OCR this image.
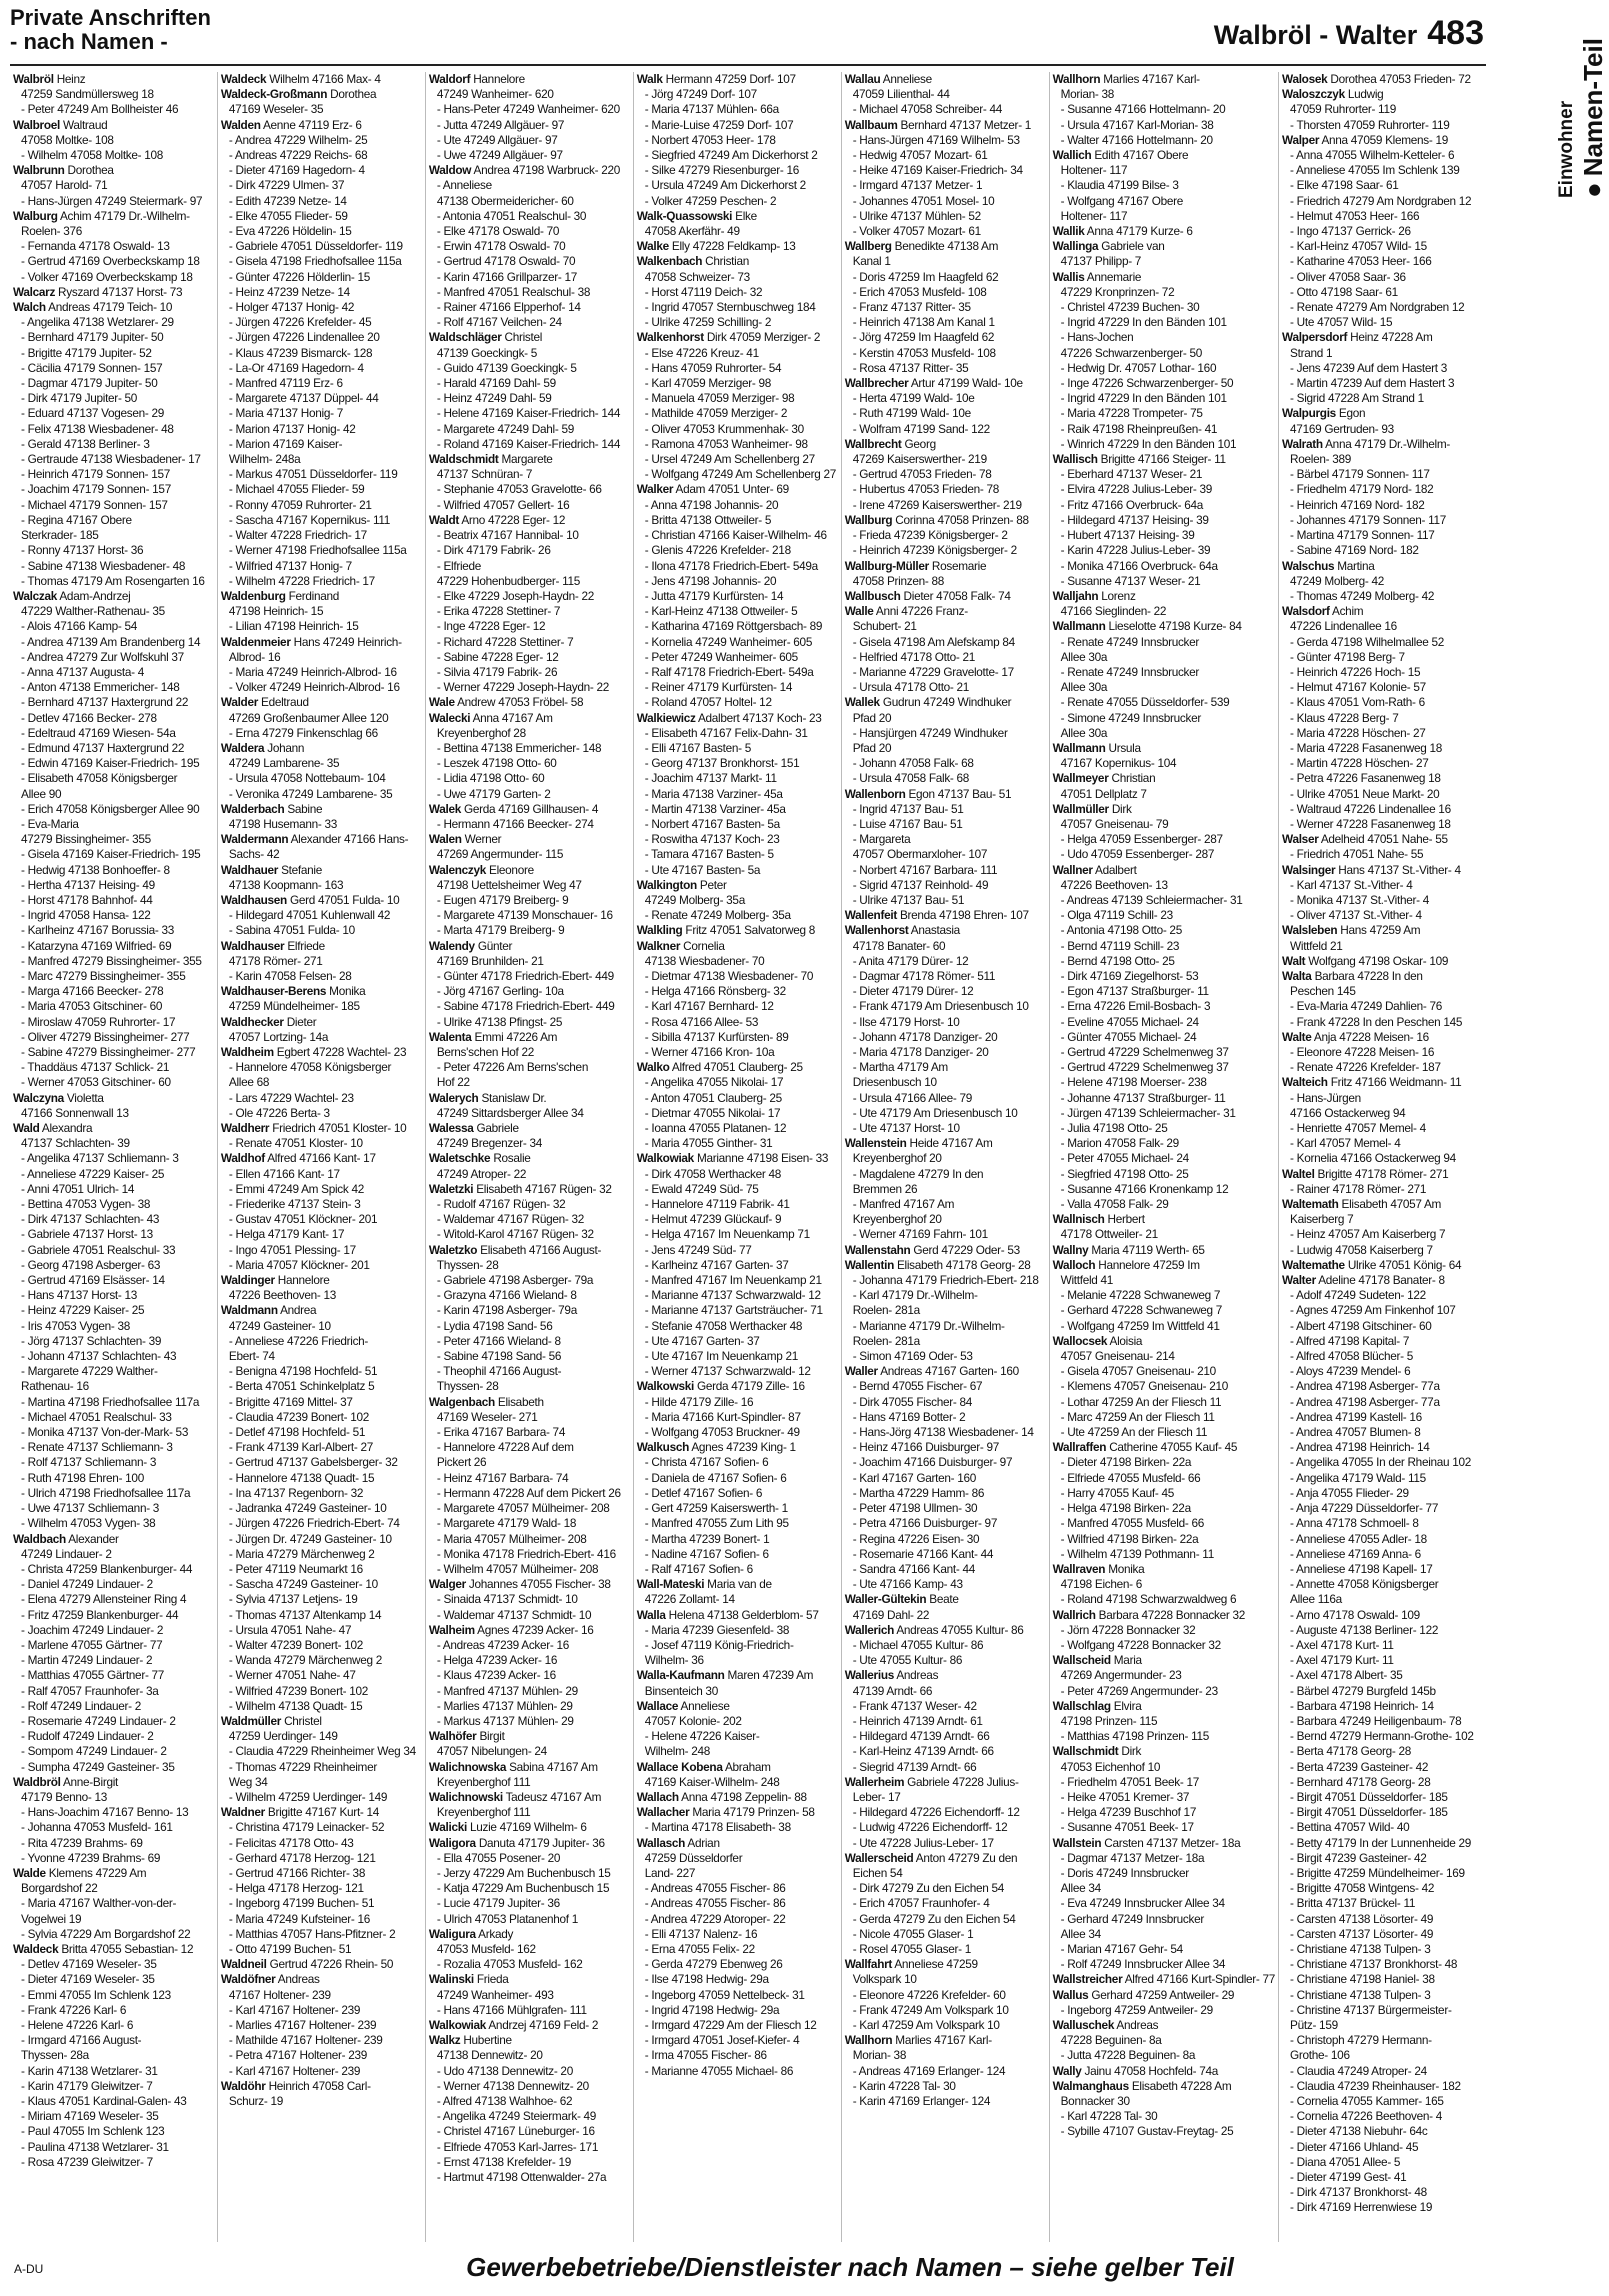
Private Anschriften
- nach Namen -	Walbröl - Walter 483
Einwohner
● Namen-Teil
Walbröl Heinz
47259 Sandmüllersweg 18
- Peter 47249 Am Bollheister 46
Walbroel Waltraud
47058 Moltke- 108
- Wilhelm 47058 Moltke- 108
Walbrunn Dorothea
47057 Harold- 71
- Hans-Jürgen 47249 Steiermark- 97
Walburg Achim 47179 Dr.-Wilhelm-
Roelen- 376
- Fernanda 47178 Oswald- 13
- Gertrud 47169 Overbeckskamp 18
- Volker 47169 Overbeckskamp 18
Walcarz Ryszard 47137 Horst- 73
Walch Andreas 47179 Teich- 10
- Angelika 47138 Wetzlarer- 29
- Bernhard 47179 Jupiter- 50
- Brigitte 47179 Jupiter- 52
- Cäcilia 47179 Sonnen- 157
- Dagmar 47179 Jupiter- 50
- Dirk 47179 Jupiter- 50
- Eduard 47137 Vogesen- 29
- Felix 47138 Wiesbadener- 48
- Gerald 47138 Berliner- 3
- Gertraude 47138 Wiesbadener- 17
- Heinrich 47179 Sonnen- 157
- Joachim 47179 Sonnen- 157
- Michael 47179 Sonnen- 157
- Regina 47167 Obere
Sterkrader- 185
- Ronny 47137 Horst- 36
- Sabine 47138 Wiesbadener- 48
- Thomas 47179 Am Rosengarten 16
Walczak Adam-Andrzej
47229 Walther-Rathenau- 35
- Alois 47166 Kamp- 54
- Andrea 47139 Am Brandenberg 14
- Andrea 47279 Zur Wolfskuhl 37
- Anna 47137 Augusta- 4
- Anton 47138 Emmericher- 148
- Bernhard 47137 Haxtergrund 22
- Detlev 47166 Becker- 278
- Edeltraud 47169 Wiesen- 54a
- Edmund 47137 Haxtergrund 22
- Edwin 47169 Kaiser-Friedrich- 195
- Elisabeth 47058 Königsberger
Allee 90
- Erich 47058 Königsberger Allee 90
- Eva-Maria
47279 Bissingheimer- 355
- Gisela 47169 Kaiser-Friedrich- 195
- Hedwig 47138 Bonhoeffer- 8
- Hertha 47137 Heising- 49
- Horst 47178 Bahnhof- 44
- Ingrid 47058 Hansa- 122
- Karlheinz 47167 Borussia- 33
- Katarzyna 47169 Wilfried- 69
- Manfred 47279 Bissingheimer- 355
- Marc 47279 Bissingheimer- 355
- Marga 47166 Beecker- 278
- Maria 47053 Gitschiner- 60
- Miroslaw 47059 Ruhrorter- 17
- Oliver 47279 Bissingheimer- 277
- Sabine 47279 Bissingheimer- 277
- Thaddäus 47137 Schlick- 21
- Werner 47053 Gitschiner- 60
Walczyna Violetta
47166 Sonnenwall 13
Wald Alexandra
47137 Schlachten- 39
- Angelika 47137 Schliemann- 3
- Anneliese 47229 Kaiser- 25
- Anni 47051 Ulrich- 14
- Bettina 47053 Vygen- 38
- Dirk 47137 Schlachten- 43
- Gabriele 47137 Horst- 13
- Gabriele 47051 Realschul- 33
- Georg 47198 Asberger- 63
- Gertrud 47169 Elsässer- 14
- Hans 47137 Horst- 13
- Heinz 47229 Kaiser- 25
- Iris 47053 Vygen- 38
- Jörg 47137 Schlachten- 39
- Johann 47137 Schlachten- 43
- Margarete 47229 Walther-
Rathenau- 16
- Martina 47198 Friedhofsallee 117a
- Michael 47051 Realschul- 33
- Monika 47137 Von-der-Mark- 53
- Renate 47137 Schliemann- 3
- Rolf 47137 Schliemann- 3
- Ruth 47198 Ehren- 100
- Ulrich 47198 Friedhofsallee 117a
- Uwe 47137 Schliemann- 3
- Wilhelm 47053 Vygen- 38
Waldbach Alexander
47249 Lindauer- 2
- Christa 47259 Blankenburger- 44
- Daniel 47249 Lindauer- 2
- Elena 47279 Allensteiner Ring 4
- Fritz 47259 Blankenburger- 44
- Joachim 47249 Lindauer- 2
- Marlene 47055 Gärtner- 77
- Martin 47249 Lindauer- 2
- Matthias 47055 Gärtner- 77
- Ralf 47057 Fraunhofer- 3a
- Rolf 47249 Lindauer- 2
- Rosemarie 47249 Lindauer- 2
- Rudolf 47249 Lindauer- 2
- Sompom 47249 Lindauer- 2
- Sumpha 47249 Gasteiner- 35
Waldbröl Anne-Birgit
47179 Benno- 13
- Hans-Joachim 47167 Benno- 13
- Johanna 47053 Musfeld- 161
- Rita 47239 Brahms- 69
- Yvonne 47239 Brahms- 69
Walde Klemens 47229 Am
Borgardshof 22
- Maria 47167 Walther-von-der-
Vogelwei 19
- Sylvia 47229 Am Borgardshof 22
Waldeck Britta 47055 Sebastian- 12
- Detlev 47169 Weseler- 35
- Dieter 47169 Weseler- 35
- Emmi 47055 Im Schlenk 123
- Frank 47226 Karl- 6
- Helene 47226 Karl- 6
- Irmgard 47166 August-
Thyssen- 28a
- Karin 47138 Wetzlarer- 31
- Karin 47179 Gleiwitzer- 7
- Klaus 47051 Kardinal-Galen- 43
- Miriam 47169 Weseler- 35
- Paul 47055 Im Schlenk 123
- Paulina 47138 Wetzlarer- 31
- Rosa 47239 Gleiwitzer- 7
Waldeck Wilhelm 47166 Max- 4
Waldeck-Großmann Dorothea
47169 Weseler- 35
Walden Aenne 47119 Erz- 6
- Andrea 47229 Wilhelm- 25
- Andreas 47229 Reichs- 68
- Dieter 47169 Hagedorn- 4
- Dirk 47229 Ulmen- 37
- Edith 47239 Netze- 14
- Elke 47055 Flieder- 59
- Eva 47226 Höldelin- 15
- Gabriele 47051 Düsseldorfer- 119
- Gisela 47198 Friedhofsallee 115a
- Günter 47226 Hölderlin- 15
- Heinz 47239 Netze- 14
- Holger 47137 Honig- 42
- Jürgen 47226 Krefelder- 45
- Jürgen 47226 Lindenallee 20
- Klaus 47239 Bismarck- 128
- La-Or 47169 Hagedorn- 4
- Manfred 47119 Erz- 6
- Margarete 47137 Düppel- 44
- Maria 47137 Honig- 7
- Marion 47137 Honig- 42
- Marion 47169 Kaiser-
Wilhelm- 248a
- Markus 47051 Düsseldorfer- 119
- Michael 47055 Flieder- 59
- Ronny 47059 Ruhrorter- 21
- Sascha 47167 Kopernikus- 111
- Walter 47228 Friedrich- 17
- Werner 47198 Friedhofsallee 115a
- Wilfried 47137 Honig- 7
- Wilhelm 47228 Friedrich- 17
Waldenburg Ferdinand
47198 Heinrich- 15
- Lilian 47198 Heinrich- 15
Waldenmeier Hans 47249 Heinrich-
Albrod- 16
- Maria 47249 Heinrich-Albrod- 16
- Volker 47249 Heinrich-Albrod- 16
Walder Edeltraud
47269 Großenbaumer Allee 120
- Erna 47279 Finkenschlag 66
Waldera Johann
47249 Lambarene- 35
- Ursula 47058 Nottebaum- 104
- Veronika 47249 Lambarene- 35
Walderbach Sabine
47198 Husemann- 33
Waldermann Alexander 47166 Hans-
Sachs- 42
Waldhauer Stefanie
47138 Koopmann- 163
Waldhausen Gerd 47051 Fulda- 10
- Hildegard 47051 Kuhlenwall 42
- Sabina 47051 Fulda- 10
Waldhauser Elfriede
47178 Römer- 271
- Karin 47058 Felsen- 28
Waldhauser-Berens Monika
47259 Mündelheimer- 185
Waldhecker Dieter
47057 Lortzing- 14a
Waldheim Egbert 47228 Wachtel- 23
- Hannelore 47058 Königsberger
Allee 68
- Lars 47229 Wachtel- 23
- Ole 47226 Berta- 3
Waldherr Friedrich 47051 Kloster- 10
- Renate 47051 Kloster- 10
Waldhof Alfred 47166 Kant- 17
- Ellen 47166 Kant- 17
- Emmi 47249 Am Spick 42
- Friederike 47137 Stein- 3
- Gustav 47051 Klöckner- 201
- Helga 47179 Kant- 17
- Ingo 47051 Plessing- 17
- Maria 47057 Klöckner- 201
Waldinger Hannelore
47226 Beethoven- 13
Waldmann Andrea
47249 Gasteiner- 10
- Anneliese 47226 Friedrich-
Ebert- 74
- Benigna 47198 Hochfeld- 51
- Berta 47051 Schinkelplatz 5
- Brigitte 47169 Mittel- 37
- Claudia 47239 Bonert- 102
- Detlef 47198 Hochfeld- 51
- Frank 47139 Karl-Albert- 27
- Gertrud 47137 Gabelsberger- 32
- Hannelore 47138 Quadt- 15
- Ina 47137 Regenborn- 32
- Jadranka 47249 Gasteiner- 10
- Jürgen 47226 Friedrich-Ebert- 74
- Jürgen Dr. 47249 Gasteiner- 10
- Maria 47279 Märchenweg 2
- Peter 47119 Neumarkt 16
- Sascha 47249 Gasteiner- 10
- Sylvia 47137 Letjens- 19
- Thomas 47137 Altenkamp 14
- Ursula 47051 Nahe- 47
- Walter 47239 Bonert- 102
- Wanda 47279 Märchenweg 2
- Werner 47051 Nahe- 47
- Wilfried 47239 Bonert- 102
- Wilhelm 47138 Quadt- 15
Waldmüller Christel
47259 Uerdinger- 149
- Claudia 47229 Rheinheimer Weg 34
- Thomas 47229 Rheinheimer
Weg 34
- Wilhelm 47259 Uerdinger- 149
Waldner Brigitte 47167 Kurt- 14
- Christina 47179 Leinacker- 52
- Felicitas 47178 Otto- 43
- Gerhard 47178 Herzog- 121
- Gertrud 47166 Richter- 38
- Helga 47178 Herzog- 121
- Ingeborg 47199 Buchen- 51
- Maria 47249 Kufsteiner- 16
- Matthias 47057 Hans-Pfitzner- 2
- Otto 47199 Buchen- 51
Waldneil Gertrud 47226 Rhein- 50
Waldöfner Andreas
47167 Holtener- 239
- Karl 47167 Holtener- 239
- Marlies 47167 Holtener- 239
- Mathilde 47167 Holtener- 239
- Petra 47167 Holtener- 239
- Karl 47167 Holtener- 239
Waldöhr Heinrich 47058 Carl-
Schurz- 19
Waldorf Hannelore
47249 Wanheimer- 620
- Hans-Peter 47249 Wanheimer- 620
- Jutta 47249 Allgäuer- 97
- Ute 47249 Allgäuer- 97
- Uwe 47249 Allgäuer- 97
Waldow Andrea 47198 Warbruck- 220
- Anneliese
47138 Obermeidericher- 60
- Antonia 47051 Realschul- 30
- Elke 47178 Oswald- 70
- Erwin 47178 Oswald- 70
- Gertrud 47178 Oswald- 70
- Karin 47166 Grillparzer- 17
- Manfred 47051 Realschul- 38
- Rainer 47166 Elpperhof- 14
- Rolf 47167 Veilchen- 24
Waldschläger Christel
47139 Goeckingk- 5
- Guido 47139 Goeckingk- 5
- Harald 47169 Dahl- 59
- Heinz 47249 Dahl- 59
- Helene 47169 Kaiser-Friedrich- 144
- Margarete 47249 Dahl- 59
- Roland 47169 Kaiser-Friedrich- 144
Waldschmidt Margarete
47137 Schnüran- 7
- Stephanie 47053 Gravelotte- 66
- Wilfried 47057 Gellert- 16
Waldt Arno 47228 Eger- 12
- Beatrix 47167 Hannibal- 10
- Dirk 47179 Fabrik- 26
- Elfriede
47229 Hohenbudberger- 115
- Elke 47229 Joseph-Haydn- 22
- Erika 47228 Stettiner- 7
- Inge 47228 Eger- 12
- Richard 47228 Stettiner- 7
- Sabine 47228 Eger- 12
- Silvia 47179 Fabrik- 26
- Werner 47229 Joseph-Haydn- 22
Wale Andrew 47053 Fröbel- 58
Walecki Anna 47167 Am
Kreyenberghof 28
- Bettina 47138 Emmericher- 148
- Leszek 47198 Otto- 60
- Lidia 47198 Otto- 60
- Uwe 47179 Garten- 2
Walek Gerda 47169 Gillhausen- 4
- Hermann 47166 Beecker- 274
Walen Werner
47269 Angermunder- 115
Walenczyk Eleonore
47198 Uettelsheimer Weg 47
- Eugen 47179 Breiberg- 9
- Margarete 47139 Monschauer- 16
- Marta 47179 Breiberg- 9
Walendy Günter
47169 Brunhilden- 21
- Günter 47178 Friedrich-Ebert- 449
- Jörg 47167 Gerling- 10a
- Sabine 47178 Friedrich-Ebert- 449
- Ulrike 47138 Pfingst- 25
Walenta Emmi 47226 Am
Berns'schen Hof 22
- Peter 47226 Am Berns'schen
Hof 22
Walerych Stanislaw Dr.
47249 Sittardsberger Allee 34
Walessa Gabriele
47249 Bregenzer- 34
Waletschke Rosalie
47249 Atroper- 22
Waletzki Elisabeth 47167 Rügen- 32
- Rudolf 47167 Rügen- 32
- Waldemar 47167 Rügen- 32
- Witold-Karol 47167 Rügen- 32
Waletzko Elisabeth 47166 August-
Thyssen- 28
- Gabriele 47198 Asberger- 79a
- Grazyna 47166 Wieland- 8
- Karin 47198 Asberger- 79a
- Lydia 47198 Sand- 56
- Peter 47166 Wieland- 8
- Sabine 47198 Sand- 56
- Theophil 47166 August-
Thyssen- 28
Walgenbach Elisabeth
47169 Weseler- 271
- Erika 47167 Barbara- 74
- Hannelore 47228 Auf dem
Pickert 26
- Heinz 47167 Barbara- 74
- Hermann 47228 Auf dem Pickert 26
- Margarete 47057 Mülheimer- 208
- Margarete 47179 Wald- 18
- Maria 47057 Mülheimer- 208
- Monika 47178 Friedrich-Ebert- 416
- Wilhelm 47057 Mülheimer- 208
Walger Johannes 47055 Fischer- 38
- Sinaida 47137 Schmidt- 10
- Waldemar 47137 Schmidt- 10
Walheim Agnes 47239 Acker- 16
- Andreas 47239 Acker- 16
- Helga 47239 Acker- 16
- Klaus 47239 Acker- 16
- Manfred 47137 Mühlen- 29
- Marlies 47137 Mühlen- 29
- Markus 47137 Mühlen- 29
Walhöfer Birgit
47057 Nibelungen- 24
Walichnowska Sabina 47167 Am
Kreyenberghof 111
Walichnowski Tadeusz 47167 Am
Kreyenberghof 111
Walicki Luzie 47169 Wilhelm- 6
Waligora Danuta 47179 Jupiter- 36
- Ella 47055 Posener- 20
- Jerzy 47229 Am Buchenbusch 15
- Katja 47229 Am Buchenbusch 15
- Lucie 47179 Jupiter- 36
- Ulrich 47053 Platanenhof 1
Waligura Arkady
47053 Musfeld- 162
- Rozalia 47053 Musfeld- 162
Walinski Frieda
47249 Wanheimer- 493
- Hans 47166 Mühlgrafen- 111
Walkowiak Andrzej 47169 Feld- 2
Walkz Hubertine
47138 Dennewitz- 20
- Udo 47138 Dennewitz- 20
- Werner 47138 Dennewitz- 20
- Alfred 47138 Walhhoe- 62
- Angelika 47249 Steiermark- 49
- Christel 47167 Lüneburger- 16
- Elfriede 47053 Karl-Jarres- 171
- Ernst 47138 Krefelder- 19
- Hartmut 47198 Ottenwalder- 27a
Walk Hermann 47259 Dorf- 107
- Jörg 47249 Dorf- 107
- Maria 47137 Mühlen- 66a
- Marie-Luise 47259 Dorf- 107
- Norbert 47053 Heer- 178
- Siegfried 47249 Am Dickerhorst 2
- Silke 47279 Riesenburger- 16
- Ursula 47249 Am Dickerhorst 2
- Volker 47259 Peschen- 2
Walk-Quassowski Elke
47058 Akerfähr- 49
Walke Elly 47228 Feldkamp- 13
Walkenbach Christian
47058 Schweizer- 73
- Horst 47119 Deich- 32
- Ingrid 47057 Sternbuschweg 184
- Ulrike 47259 Schilling- 2
Walkenhorst Dirk 47059 Merziger- 2
- Else 47226 Kreuz- 41
- Hans 47059 Ruhrorter- 54
- Karl 47059 Merziger- 98
- Manuela 47059 Merziger- 98
- Mathilde 47059 Merziger- 2
- Oliver 47053 Krummenhak- 30
- Ramona 47053 Wanheimer- 98
- Ursel 47249 Am Schellenberg 27
- Wolfgang 47249 Am Schellenberg 27
Walker Adam 47051 Unter- 69
- Anna 47198 Johannis- 20
- Britta 47138 Ottweiler- 5
- Christian 47166 Kaiser-Wilhelm- 46
- Glenis 47226 Krefelder- 218
- Ilona 47178 Friedrich-Ebert- 549a
- Jens 47198 Johannis- 20
- Jutta 47179 Kurfürsten- 14
- Karl-Heinz 47138 Ottweiler- 5
- Katharina 47169 Röttgersbach- 89
- Kornelia 47249 Wanheimer- 605
- Peter 47249 Wanheimer- 605
- Ralf 47178 Friedrich-Ebert- 549a
- Reiner 47179 Kurfürsten- 14
- Roland 47057 Holtel- 12
Walkiewicz Adalbert 47137 Koch- 23
- Elisabeth 47167 Felix-Dahn- 31
- Elli 47167 Basten- 5
- Georg 47137 Bronkhorst- 151
- Joachim 47137 Markt- 11
- Maria 47138 Varziner- 45a
- Martin 47138 Varziner- 45a
- Norbert 47167 Basten- 5a
- Roswitha 47137 Koch- 23
- Tamara 47167 Basten- 5
- Ute 47167 Basten- 5a
Walkington Peter
47249 Molberg- 35a
- Renate 47249 Molberg- 35a
Walkling Fritz 47051 Salvatorweg 8
Walkner Cornelia
47138 Wiesbadener- 70
- Dietmar 47138 Wiesbadener- 70
- Helga 47166 Rönsberg- 32
- Karl 47167 Bernhard- 12
- Rosa 47166 Allee- 53
- Sibilla 47137 Kurfürsten- 89
- Werner 47166 Kron- 10a
Walko Alfred 47051 Clauberg- 25
- Angelika 47055 Nikolai- 17
- Anton 47051 Clauberg- 25
- Dietmar 47055 Nikolai- 17
- Ioanna 47055 Platanen- 12
- Maria 47055 Ginther- 31
Walkowiak Marianne 47198 Eisen- 33
- Dirk 47058 Werthacker 48
- Ewald 47249 Süd- 75
- Hannelore 47119 Fabrik- 41
- Helmut 47239 Glückauf- 9
- Helga 47167 Im Neuenkamp 71
- Jens 47249 Süd- 77
- Karlheinz 47167 Garten- 37
- Manfred 47167 Im Neuenkamp 21
- Marianne 47137 Schwarzwald- 12
- Marianne 47137 Gartsträucher- 71
- Stefanie 47058 Werthacker 48
- Ute 47167 Garten- 37
- Ute 47167 Im Neuenkamp 21
- Werner 47137 Schwarzwald- 12
Walkowski Gerda 47179 Zille- 16
- Hilde 47179 Zille- 16
- Maria 47166 Kurt-Spindler- 87
- Wolfgang 47053 Bruckner- 49
Walkusch Agnes 47239 King- 1
- Christa 47167 Sofien- 6
- Daniela de 47167 Sofien- 6
- Detlef 47167 Sofien- 6
- Gert 47259 Kaiserswerth- 1
- Manfred 47055 Zum Lith 95
- Martha 47239 Bonert- 1
- Nadine 47167 Sofien- 6
- Ralf 47167 Sofien- 6
Wall-Mateski Maria van de
47226 Zollamt- 14
Walla Helena 47138 Gelderblom- 57
- Maria 47239 Giesenfeld- 38
- Josef 47119 König-Friedrich-
Wilhelm- 36
Walla-Kaufmann Maren 47239 Am
Binsenteich 30
Wallace Anneliese
47057 Kolonie- 202
- Helene 47226 Kaiser-
Wilhelm- 248
Wallace Kobena Abraham
47169 Kaiser-Wilhelm- 248
Wallach Anna 47198 Zeppelin- 88
Wallacher Maria 47179 Prinzen- 58
- Martina 47178 Elisabeth- 38
Wallasch Adrian
47259 Düsseldorfer
Land- 227
- Andreas 47055 Fischer- 86
- Andreas 47055 Fischer- 86
- Andrea 47229 Atoroper- 22
- Elli 47137 Nalenz- 16
- Erna 47055 Felix- 22
- Gerda 47279 Ebenweg 26
- Ilse 47198 Hedwig- 29a
- Ingeborg 47059 Nettelbeck- 31
- Ingrid 47198 Hedwig- 29a
- Irmgard 47229 Am der Fliesch 12
- Irmgard 47051 Josef-Kiefer- 4
- Irma 47055 Fischer- 86
- Marianne 47055 Michael- 86
Wallau Anneliese
47059 Lilienthal- 44
- Michael 47058 Schreiber- 44
Wallbaum Bernhard 47137 Metzer- 1
- Hans-Jürgen 47169 Wilhelm- 53
- Hedwig 47057 Mozart- 61
- Heike 47169 Kaiser-Friedrich- 34
- Irmgard 47137 Metzer- 1
- Johannes 47051 Mosel- 10
- Ulrike 47137 Mühlen- 52
- Volker 47057 Mozart- 61
Wallberg Benedikte 47138 Am
Kanal 1
- Doris 47259 Im Haagfeld 62
- Erich 47053 Musfeld- 108
- Franz 47137 Ritter- 35
- Heinrich 47138 Am Kanal 1
- Jörg 47259 Im Haagfeld 62
- Kerstin 47053 Musfeld- 108
- Rosa 47137 Ritter- 35
Wallbrecher Artur 47199 Wald- 10e
- Herta 47199 Wald- 10e
- Ruth 47199 Wald- 10e
- Wolfram 47199 Sand- 122
Wallbrecht Georg
47269 Kaiserswerther- 219
- Gertrud 47053 Frieden- 78
- Hubertus 47053 Frieden- 78
- Irene 47269 Kaiserswerther- 219
Wallburg Corinna 47058 Prinzen- 88
- Frieda 47239 Königsberger- 2
- Heinrich 47239 Königsberger- 2
Wallburg-Müller Rosemarie
47058 Prinzen- 88
Wallbusch Dieter 47058 Falk- 74
Walle Anni 47226 Franz-
Schubert- 21
- Gisela 47198 Am Alefskamp 84
- Helfried 47178 Otto- 21
- Marianne 47229 Gravelotte- 17
- Ursula 47178 Otto- 21
Wallek Gudrun 47249 Windhuker
Pfad 20
- Hansjürgen 47249 Windhuker
Pfad 20
- Johann 47058 Falk- 68
- Ursula 47058 Falk- 68
Wallenborn Egon 47137 Bau- 51
- Ingrid 47137 Bau- 51
- Luise 47167 Bau- 51
- Margareta
47057 Obermarxloher- 107
- Norbert 47167 Barbara- 111
- Sigrid 47137 Reinhold- 49
- Ulrike 47137 Bau- 51
Wallenfeit Brenda 47198 Ehren- 107
Wallenhorst Anastasia
47178 Banater- 60
- Anita 47179 Dürer- 12
- Dagmar 47178 Römer- 511
- Dieter 47179 Dürer- 12
- Frank 47179 Am Driesenbusch 10
- Ilse 47179 Horst- 10
- Johann 47178 Danziger- 20
- Maria 47178 Danziger- 20
- Martha 47179 Am
Driesenbusch 10
- Ursula 47166 Allee- 79
- Ute 47179 Am Driesenbusch 10
- Ute 47137 Horst- 10
Wallenstein Heide 47167 Am
Kreyenberghof 20
- Magdalene 47279 In den
Bremmen 26
- Manfred 47167 Am
Kreyenberghof 20
- Werner 47169 Fahrn- 101
Wallenstahn Gerd 47229 Oder- 53
Wallentin Elisabeth 47178 Georg- 28
- Johanna 47179 Friedrich-Ebert- 218
- Karl 47179 Dr.-Wilhelm-
Roelen- 281a
- Marianne 47179 Dr.-Wilhelm-
Roelen- 281a
- Simon 47169 Oder- 53
Waller Andreas 47167 Garten- 160
- Bernd 47055 Fischer- 67
- Dirk 47055 Fischer- 84
- Hans 47169 Botter- 2
- Hans-Jörg 47138 Wiesbadener- 14
- Heinz 47166 Duisburger- 97
- Joachim 47166 Duisburger- 97
- Karl 47167 Garten- 160
- Martha 47229 Hamm- 86
- Peter 47198 Ullmen- 30
- Petra 47166 Duisburger- 97
- Regina 47226 Eisen- 30
- Rosemarie 47166 Kant- 44
- Sandra 47166 Kant- 44
- Ute 47166 Kamp- 43
Waller-Gültekin Beate
47169 Dahl- 22
Wallerich Andreas 47055 Kultur- 86
- Michael 47055 Kultur- 86
- Ute 47055 Kultur- 86
Wallerius Andreas
47139 Arndt- 66
- Frank 47137 Weser- 42
- Heinrich 47139 Arndt- 61
- Hildegard 47139 Arndt- 66
- Karl-Heinz 47139 Arndt- 66
- Siegrid 47139 Arndt- 66
Wallerheim Gabriele 47228 Julius-
Leber- 17
- Hildegard 47226 Eichendorff- 12
- Ludwig 47226 Eichendorff- 12
- Ute 47228 Julius-Leber- 17
Wallerscheid Anton 47279 Zu den
Eichen 54
- Dirk 47279 Zu den Eichen 54
- Erich 47057 Fraunhofer- 4
- Gerda 47279 Zu den Eichen 54
- Nicole 47055 Glaser- 1
- Rosel 47055 Glaser- 1
Wallfahrt Anneliese 47259
Volkspark 10
- Eleonore 47226 Krefelder- 60
- Frank 47249 Am Volkspark 10
- Karl 47259 Am Volkspark 10
Wallhorn Marlies 47167 Karl-
Morian- 38
- Andreas 47169 Erlanger- 124
- Karin 47228 Tal- 30
- Karin 47169 Erlanger- 124
Wallhorn Marlies 47167 Karl-
Morian- 38
- Susanne 47166 Hottelmann- 20
- Ursula 47167 Karl-Morian- 38
- Walter 47166 Hottelmann- 20
Wallich Edith 47167 Obere
Holtener- 117
- Klaudia 47199 Bilse- 3
- Wolfgang 47167 Obere
Holtener- 117
Wallik Anna 47179 Kurze- 6
Wallinga Gabriele van
47137 Philipp- 7
Wallis Annemarie
47229 Kronprinzen- 72
- Christel 47239 Buchen- 30
- Ingrid 47229 In den Bänden 101
- Hans-Jochen
47226 Schwarzenberger- 50
- Hedwig Dr. 47057 Lothar- 160
- Inge 47226 Schwarzenberger- 50
- Ingrid 47229 In den Bänden 101
- Maria 47228 Trompeter- 75
- Raik 47198 Rheinpreußen- 41
- Winrich 47229 In den Bänden 101
Wallisch Brigitte 47166 Steiger- 11
- Eberhard 47137 Weser- 21
- Elvira 47228 Julius-Leber- 39
- Fritz 47166 Overbruck- 64a
- Hildegard 47137 Heising- 39
- Hubert 47137 Heising- 39
- Karin 47228 Julius-Leber- 39
- Monika 47166 Overbruck- 64a
- Susanne 47137 Weser- 21
Walljahn Lorenz
47166 Sieglinden- 22
Wallmann Lieselotte 47198 Kurze- 84
- Renate 47249 Innsbrucker
Allee 30a
- Renate 47249 Innsbrucker
Allee 30a
- Renate 47055 Düsseldorfer- 539
- Simone 47249 Innsbrucker
Allee 30a
Wallmann Ursula
47167 Kopernikus- 104
Wallmeyer Christian
47051 Dellplatz 7
Wallmüller Dirk
47057 Gneisenau- 79
- Helga 47059 Essenberger- 287
- Udo 47059 Essenberger- 287
Wallner Adalbert
47226 Beethoven- 13
- Andreas 47139 Schleiermacher- 31
- Olga 47119 Schill- 23
- Antonia 47198 Otto- 25
- Bernd 47119 Schill- 23
- Bernd 47198 Otto- 25
- Dirk 47169 Ziegelhorst- 53
- Egon 47137 Straßburger- 11
- Erna 47226 Emil-Bosbach- 3
- Eveline 47055 Michael- 24
- Günter 47055 Michael- 24
- Gertrud 47229 Schelmenweg 37
- Gertrud 47229 Schelmenweg 37
- Helene 47198 Moerser- 238
- Johanne 47137 Straßburger- 11
- Jürgen 47139 Schleiermacher- 31
- Julia 47198 Otto- 25
- Marion 47058 Falk- 29
- Peter 47055 Michael- 24
- Siegfried 47198 Otto- 25
- Susanne 47166 Kronenkamp 12
- Valla 47058 Falk- 29
Wallnisch Herbert
47178 Ottweiler- 21
Wallny Maria 47119 Werth- 65
Walloch Hannelore 47259 Im
Wittfeld 41
- Melanie 47228 Schwaneweg 7
- Gerhard 47228 Schwaneweg 7
- Wolfgang 47259 Im Wittfeld 41
Wallocsek Aloisia
47057 Gneisenau- 214
- Gisela 47057 Gneisenau- 210
- Klemens 47057 Gneisenau- 210
- Lothar 47259 An der Fliesch 11
- Marc 47259 An der Fliesch 11
- Ute 47259 An der Fliesch 11
Wallraffen Catherine 47055 Kauf- 45
- Dieter 47198 Birken- 22a
- Elfriede 47055 Musfeld- 66
- Harry 47055 Kauf- 45
- Helga 47198 Birken- 22a
- Manfred 47055 Musfeld- 66
- Wilfried 47198 Birken- 22a
- Wilhelm 47139 Pothmann- 11
Wallraven Monika
47198 Eichen- 6
- Roland 47198 Schwarzwaldweg 6
Wallrich Barbara 47228 Bonnacker 32
- Jörn 47228 Bonnacker 32
- Wolfgang 47228 Bonnacker 32
Wallscheid Maria
47269 Angermunder- 23
- Peter 47269 Angermunder- 23
Wallschlag Elvira
47198 Prinzen- 115
- Matthias 47198 Prinzen- 115
Wallschmidt Dirk
47053 Eichenhof 10
- Friedhelm 47051 Beek- 17
- Heike 47051 Kremer- 37
- Helga 47239 Buschhof 17
- Susanne 47051 Beek- 17
Wallstein Carsten 47137 Metzer- 18a
- Dagmar 47137 Metzer- 18a
- Doris 47249 Innsbrucker
Allee 34
- Eva 47249 Innsbrucker Allee 34
- Gerhard 47249 Innsbrucker
Allee 34
- Marian 47167 Gehr- 54
- Rolf 47249 Innsbrucker Allee 34
Wallstreicher Alfred 47166 Kurt-Spindler- 77
Wallus Gerhard 47259 Antweiler- 29
- Ingeborg 47259 Antweiler- 29
Walluschek Andreas
47228 Beguinen- 8a
- Jutta 47228 Beguinen- 8a
Wally Jainu 47058 Hochfeld- 74a
Walmanghaus Elisabeth 47228 Am
Bonnacker 30
- Karl 47228 Tal- 30
- Sybille 47107 Gustav-Freytag- 25
Walosek Dorothea 47053 Frieden- 72
Waloszczyk Ludwig
47059 Ruhrorter- 119
- Thorsten 47059 Ruhrorter- 119
Walper Anna 47059 Klemens- 19
- Anna 47055 Wilhelm-Ketteler- 6
- Anneliese 47055 Im Schlenk 139
- Elke 47198 Saar- 61
- Friedrich 47279 Am Nordgraben 12
- Helmut 47053 Heer- 166
- Ingo 47137 Gerrick- 26
- Karl-Heinz 47057 Wild- 15
- Katharine 47053 Heer- 166
- Oliver 47058 Saar- 36
- Otto 47198 Saar- 61
- Renate 47279 Am Nordgraben 12
- Ute 47057 Wild- 15
Walpersdorf Heinz 47228 Am
Strand 1
- Jens 47239 Auf dem Hastert 3
- Martin 47239 Auf dem Hastert 3
- Sigrid 47228 Am Strand 1
Walpurgis Egon
47169 Gertruden- 93
Walrath Anna 47179 Dr.-Wilhelm-
Roelen- 389
- Bärbel 47179 Sonnen- 117
- Friedhelm 47179 Nord- 182
- Heinrich 47169 Nord- 182
- Johannes 47179 Sonnen- 117
- Martina 47179 Sonnen- 117
- Sabine 47169 Nord- 182
Walschus Martina
47249 Molberg- 42
- Thomas 47249 Molberg- 42
Walsdorf Achim
47226 Lindenallee 16
- Gerda 47198 Wilhelmallee 52
- Günter 47198 Berg- 7
- Heinrich 47226 Hoch- 15
- Helmut 47167 Kolonie- 57
- Klaus 47051 Vom-Rath- 6
- Klaus 47228 Berg- 7
- Maria 47228 Höschen- 27
- Maria 47228 Fasanenweg 18
- Martin 47228 Höschen- 27
- Petra 47226 Fasanenweg 18
- Ulrike 47051 Neue Markt- 20
- Waltraud 47226 Lindenallee 16
- Werner 47228 Fasanenweg 18
Walser Adelheid 47051 Nahe- 55
- Friedrich 47051 Nahe- 55
Walsinger Hans 47137 St.-Vither- 4
- Karl 47137 St.-Vither- 4
- Monika 47137 St.-Vither- 4
- Oliver 47137 St.-Vither- 4
Walsleben Hans 47259 Am
Wittfeld 21
Walt Wolfgang 47198 Oskar- 109
Walta Barbara 47228 In den
Peschen 145
- Eva-Maria 47249 Dahlien- 76
- Frank 47228 In den Peschen 145
Walte Anja 47228 Meisen- 16
- Eleonore 47228 Meisen- 16
- Renate 47226 Krefelder- 187
Walteich Fritz 47166 Weidmann- 11
- Hans-Jürgen
47166 Ostackerweg 94
- Henriette 47057 Memel- 4
- Karl 47057 Memel- 4
- Kornelia 47166 Ostackerweg 94
Waltel Brigitte 47178 Römer- 271
- Rainer 47178 Römer- 271
Waltemath Elisabeth 47057 Am
Kaiserberg 7
- Heinz 47057 Am Kaiserberg 7
- Ludwig 47058 Kaiserberg 7
Waltemathe Ulrike 47051 König- 64
Walter Adeline 47178 Banater- 8
- Adolf 47249 Sudeten- 122
- Agnes 47259 Am Finkenhof 107
- Albert 47198 Gitschiner- 60
- Alfred 47198 Kapital- 7
- Alfred 47058 Blücher- 5
- Aloys 47239 Mendel- 6
- Andrea 47198 Asberger- 77a
- Andrea 47198 Asberger- 77a
- Andrea 47199 Kastell- 16
- Andrea 47057 Blumen- 8
- Andrea 47198 Heinrich- 14
- Angelika 47055 In der Rheinau 102
- Angelika 47179 Wald- 115
- Anja 47055 Flieder- 29
- Anja 47229 Düsseldorfer- 77
- Anna 47178 Schmoell- 8
- Anneliese 47055 Adler- 18
- Anneliese 47169 Anna- 6
- Anneliese 47198 Kapell- 17
- Annette 47058 Königsberger
Allee 116a
- Arno 47178 Oswald- 109
- Auguste 47138 Berliner- 122
- Axel 47178 Kurt- 11
- Axel 47179 Kurt- 11
- Axel 47178 Albert- 35
- Bärbel 47279 Burgfeld 145b
- Barbara 47198 Heinrich- 14
- Barbara 47249 Heiligenbaum- 78
- Bernd 47279 Hermann-Grothe- 102
- Berta 47178 Georg- 28
- Berta 47239 Gasteiner- 42
- Bernhard 47178 Georg- 28
- Birgit 47051 Düsseldorfer- 185
- Birgit 47051 Düsseldorfer- 185
- Bettina 47057 Wild- 40
- Betty 47179 In der Lunnenheide 29
- Birgit 47239 Gasteiner- 42
- Brigitte 47259 Mündelheimer- 169
- Brigitte 47058 Wintgens- 42
- Britta 47137 Brückel- 11
- Carsten 47138 Lösorter- 49
- Carsten 47137 Lösorter- 49
- Christiane 47138 Tulpen- 3
- Christiane 47137 Bronkhorst- 48
- Christiane 47198 Haniel- 38
- Christiane 47138 Tulpen- 3
- Christine 47137 Bürgermeister-
Pütz- 159
- Christoph 47279 Hermann-
Grothe- 106
- Claudia 47249 Atroper- 24
- Claudia 47239 Rheinhauser- 182
- Cornelia 47055 Kammer- 165
- Cornelia 47226 Beethoven- 4
- Dieter 47138 Niebuhr- 64c
- Dieter 47166 Uhland- 45
- Diana 47051 Allee- 5
- Dieter 47199 Gest- 41
- Dirk 47137 Bronkhorst- 48
- Dirk 47169 Herrenwiese 19
A-DU	Gewerbebetriebe/Dienstleister nach Namen – siehe gelber Teil
